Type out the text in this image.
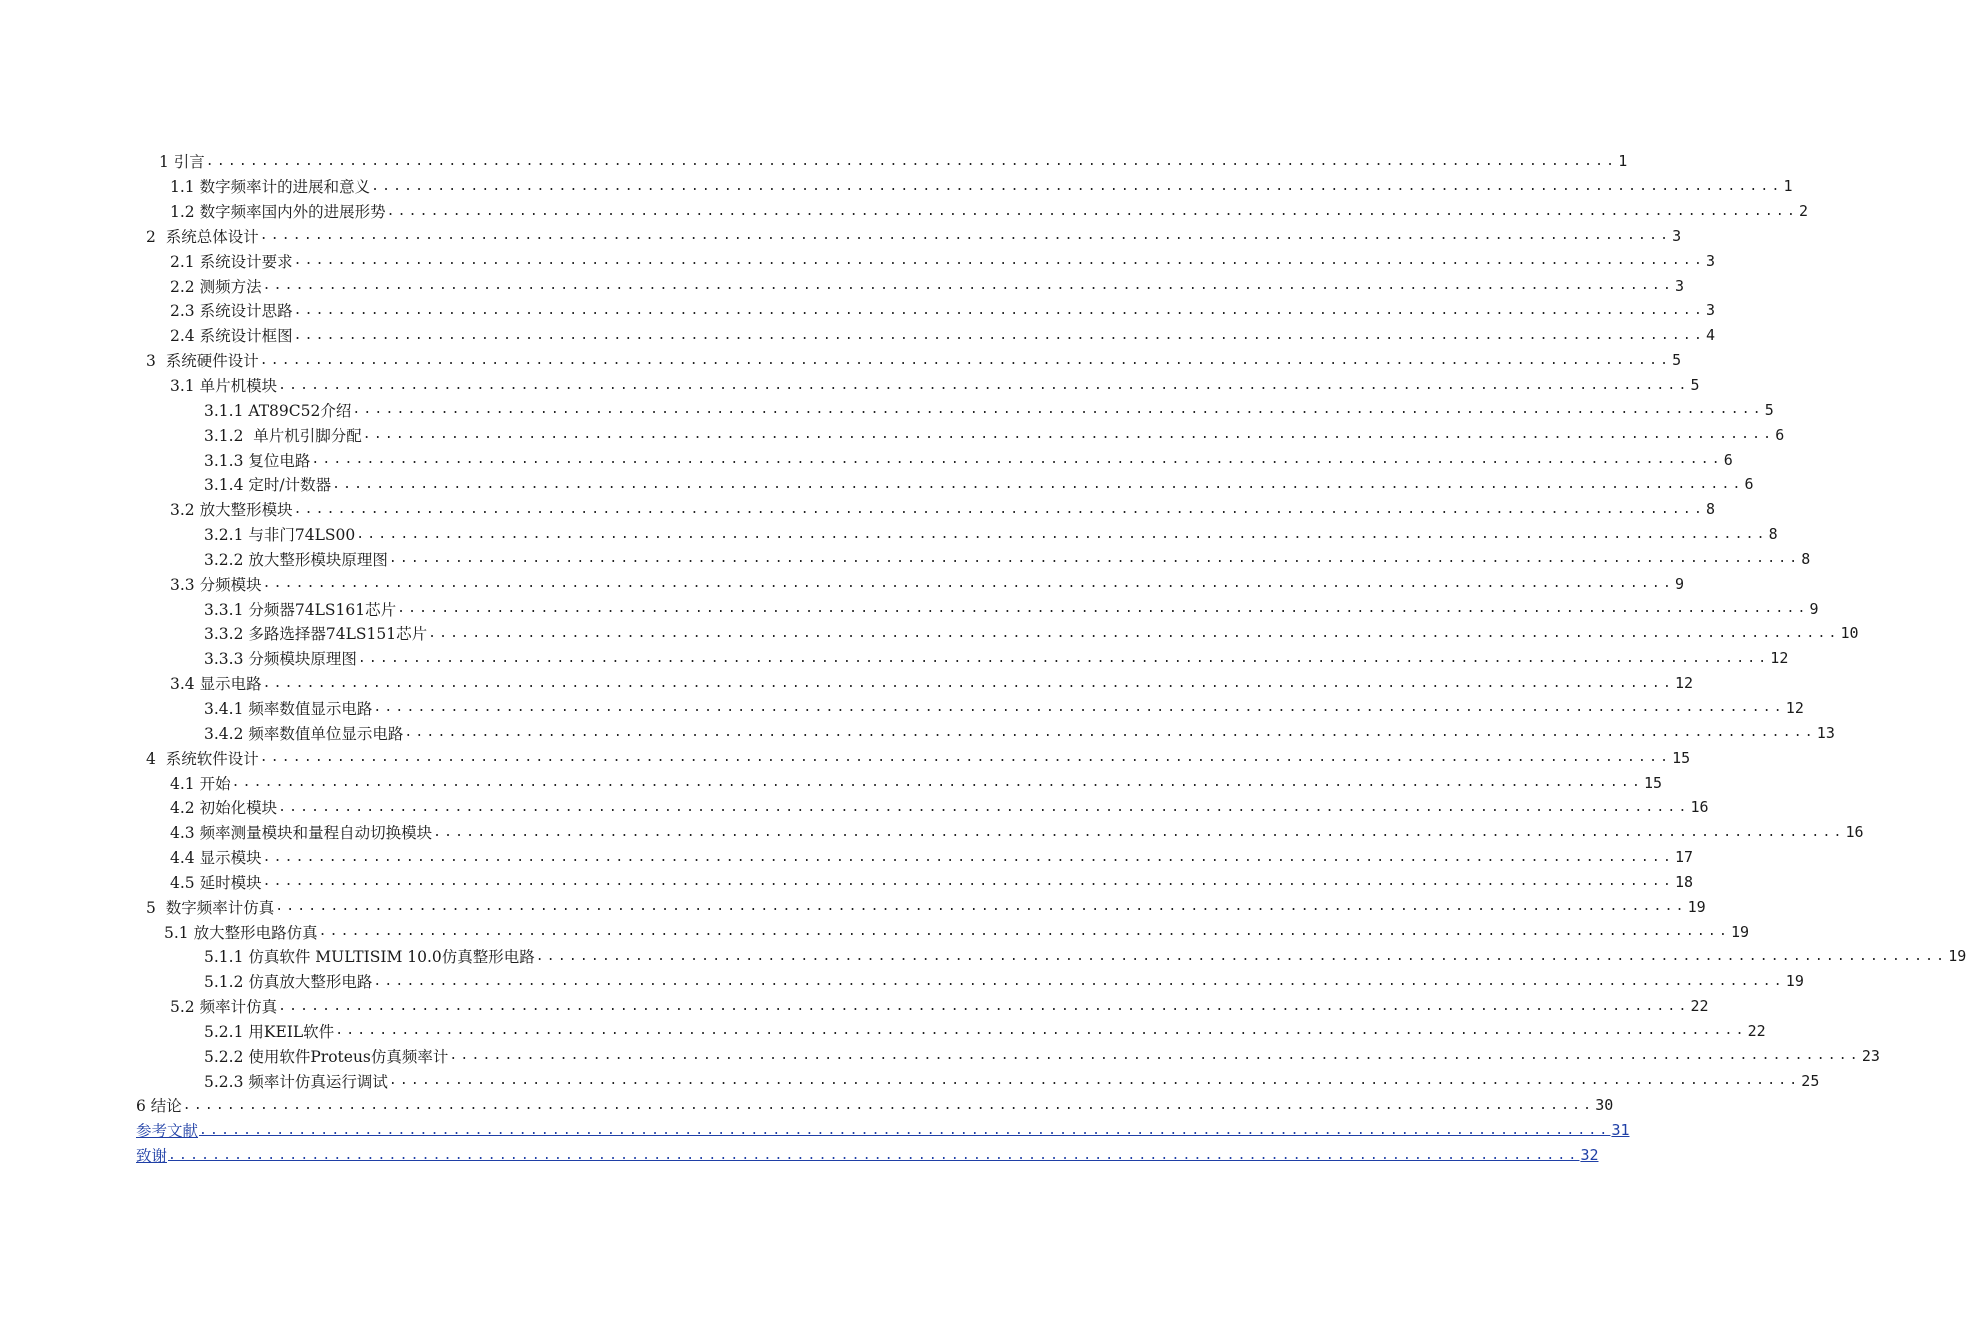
1 引言 ................................................................................................................................ 1
1.1 数字频率计的进展和意义 ................................................................................................................................ 1
1.2 数字频率国内外的进展形势 ................................................................................................................................ 2
2  系统总体设计 ................................................................................................................................ 3
2.1 系统设计要求 ................................................................................................................................ 3
2.2 测频方法 ................................................................................................................................ 3
2.3 系统设计思路 ................................................................................................................................ 3
2.4 系统设计框图 ................................................................................................................................ 4
3  系统硬件设计 ................................................................................................................................ 5
3.1 单片机模块 ................................................................................................................................ 5
3.1.1 AT89C52介绍 ................................................................................................................................ 5
3.1.2  单片机引脚分配 ................................................................................................................................ 6
3.1.3 复位电路 ................................................................................................................................ 6
3.1.4 定时/计数器 ................................................................................................................................ 6
3.2 放大整形模块 ................................................................................................................................ 8
3.2.1 与非门74LS00 ................................................................................................................................ 8
3.2.2 放大整形模块原理图 ................................................................................................................................ 8
3.3 分频模块 ................................................................................................................................ 9
3.3.1 分频器74LS161芯片 ................................................................................................................................ 9
3.3.2 多路选择器74LS151芯片 ................................................................................................................................ 10
3.3.3 分频模块原理图 ................................................................................................................................ 12
3.4 显示电路 ................................................................................................................................ 12
3.4.1 频率数值显示电路 ................................................................................................................................ 12
3.4.2 频率数值单位显示电路 ................................................................................................................................ 13
4  系统软件设计 ................................................................................................................................ 15
4.1 开始 ................................................................................................................................ 15
4.2 初始化模块 ................................................................................................................................ 16
4.3 频率测量模块和量程自动切换模块 ................................................................................................................................ 16
4.4 显示模块 ................................................................................................................................ 17
4.5 延时模块 ................................................................................................................................ 18
5  数字频率计仿真 ................................................................................................................................ 19
5.1 放大整形电路仿真 ................................................................................................................................ 19
5.1.1 仿真软件 MULTISIM 10.0仿真整形电路 ................................................................................................................................ 19
5.1.2 仿真放大整形电路 ................................................................................................................................ 19
5.2 频率计仿真 ................................................................................................................................ 22
5.2.1 用KEIL软件 ................................................................................................................................ 22
5.2.2 使用软件Proteus仿真频率计 ................................................................................................................................ 23
5.2.3 频率计仿真运行调试 ................................................................................................................................ 25
6 结论 ................................................................................................................................ 30
参考文献 ................................................................................................................................ 31
致谢 ................................................................................................................................ 32
